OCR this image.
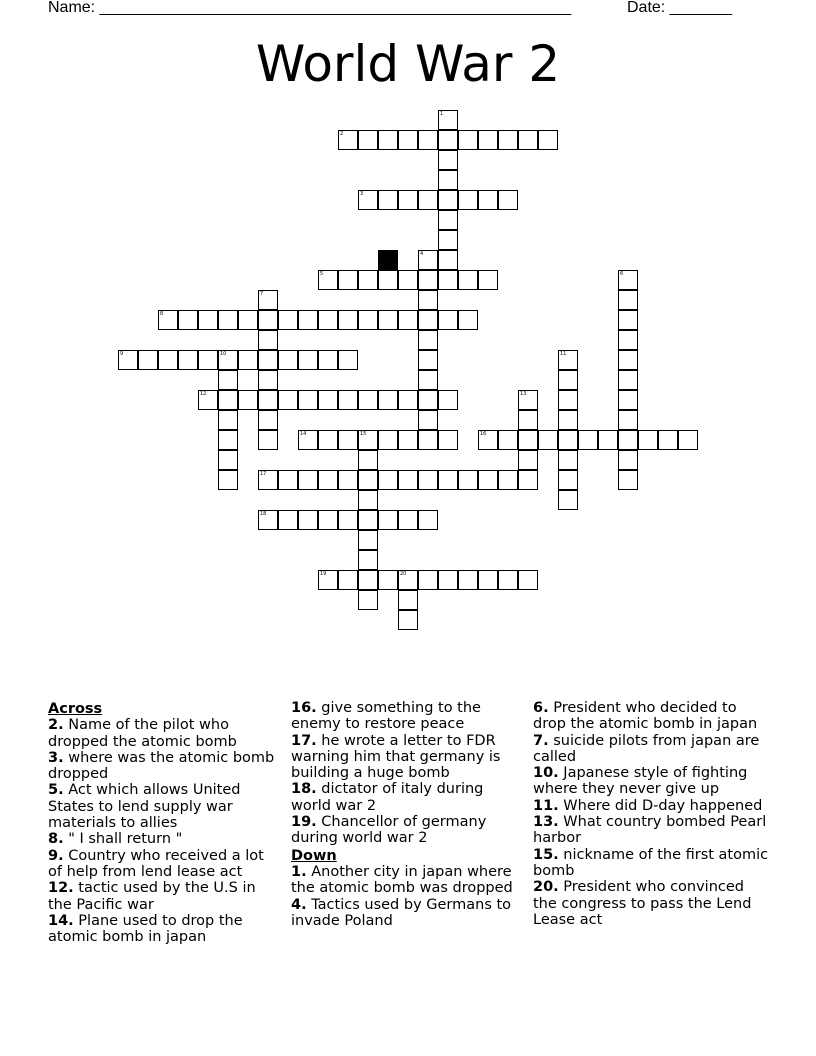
Name: _____________________________________________________	Date: _______
World War 2
1
2
3
4
5	6
7
8
9	10	11
12	13
14	15	16
17
18
19	20
Across
2. Name of the pilot who dropped the atomic bomb
3. where was the atomic bomb dropped
5. Act which allows United States to lend supply war materials to allies
8. " I shall return "
9. Country who received a lot of help from lend lease act
12. tactic used by the U.S in the Pacific war
14. Plane used to drop the atomic bomb in japan
16. give something to the enemy to restore peace
17. he wrote a letter to FDR warning him that germany is building a huge bomb
18. dictator of italy during world war 2
19. Chancellor of germany during world war 2
Down
1. Another city in japan where the atomic bomb was dropped
4. Tactics used by Germans to invade Poland
6. President who decided to drop the atomic bomb in japan
7. suicide pilots from japan are called
10. Japanese style of fighting where they never give up
11. Where did D-day happened
13. What country bombed Pearl harbor
15. nickname of the first atomic bomb
20. President who convinced the congress to pass the Lend Lease act
